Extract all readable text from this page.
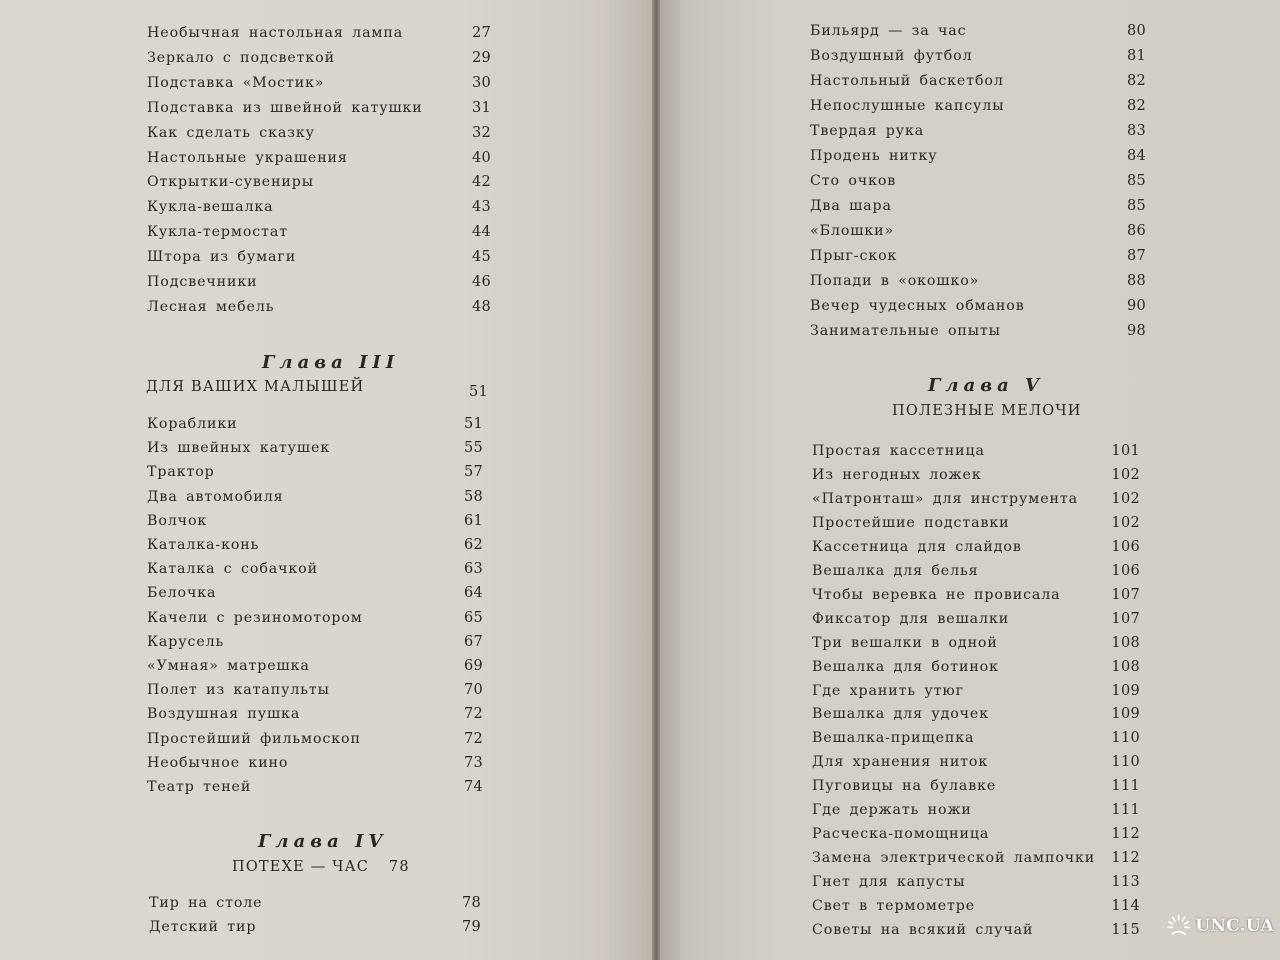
Необычная настольная лампа	27
Зеркало с подсветкой	29
Подставка «Мостик»	30
Подставка из швейной катушки	31
Как сделать сказку	32
Настольные украшения	40
Открытки-сувениры	42
Кукла-вешалка	43
Кукла-термостат	44
Штора из бумаги	45
Подсвечники	46
Лесная мебель	48
Глава III
ДЛЯ ВАШИХ МАЛЫШЕЙ	51
Кораблики	51
Из швейных катушек	55
Трактор	57
Два автомобиля	58
Волчок	61
Каталка-конь	62
Каталка с собачкой	63
Белочка	64
Качели с резиномотором	65
Карусель	67
«Умная» матрешка	69
Полет из катапульты	70
Воздушная пушка	72
Простейший фильмоскоп	72
Необычное кино	73
Театр теней	74
Глава IV
ПОТЕХЕ — ЧАС 78
Тир на столе	78
Детский тир	79
Бильярд — за час	80
Воздушный футбол	81
Настольный баскетбол	82
Непослушные капсулы	82
Твердая рука	83
Продень нитку	84
Сто очков	85
Два шара	85
«Блошки»	86
Прыг-скок	87
Попади в «окошко»	88
Вечер чудесных обманов	90
Занимательные опыты	98
Глава V
ПОЛЕЗНЫЕ МЕЛОЧИ
Простая кассетница	101
Из негодных ложек	102
«Патронташ» для инструмента	102
Простейшие подставки	102
Кассетница для слайдов	106
Вешалка для белья	106
Чтобы веревка не провисала	107
Фиксатор для вешалки	107
Три вешалки в одной	108
Вешалка для ботинок	108
Где хранить утюг	109
Вешалка для удочек	109
Вешалка-прищепка	110
Для хранения ниток	110
Пуговицы на булавке	111
Где держать ножи	111
Расческа-помощница	112
Замена электрической лампочки	112
Гнет для капусты	113
Свет в термометре	114
Советы на всякий случай	115	UNC.UA
